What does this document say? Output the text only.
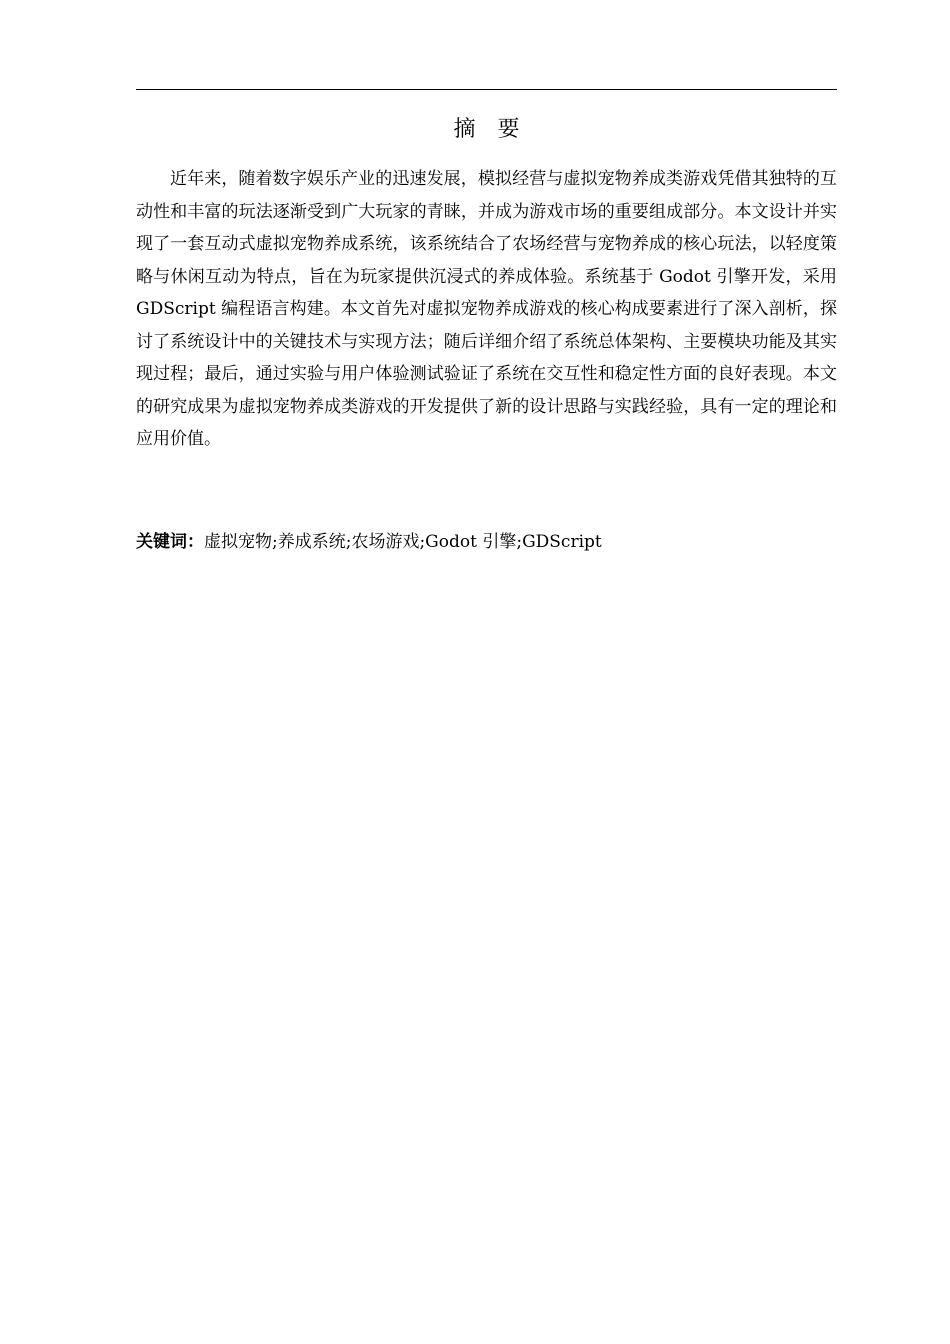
摘 要

近年来，随着数字娱乐产业的迅速发展，模拟经营与虚拟宠物养成类游戏凭借其独特的互动性和丰富的玩法逐渐受到广大玩家的青睐，并成为游戏市场的重要组成部分。本文设计并实现了一套互动式虚拟宠物养成系统，该系统结合了农场经营与宠物养成的核心玩法，以轻度策略与休闲互动为特点，旨在为玩家提供沉浸式的养成体验。系统基于 Godot 引擎开发，采用 GDScript 编程语言构建。本文首先对虚拟宠物养成游戏的核心构成要素进行了深入剖析，探讨了系统设计中的关键技术与实现方法；随后详细介绍了系统总体架构、主要模块功能及其实现过程；最后，通过实验与用户体验测试验证了系统在交互性和稳定性方面的良好表现。本文的研究成果为虚拟宠物养成类游戏的开发提供了新的设计思路与实践经验，具有一定的理论和应用价值。

关键词：虚拟宠物;养成系统;农场游戏;Godot 引擎;GDScript
